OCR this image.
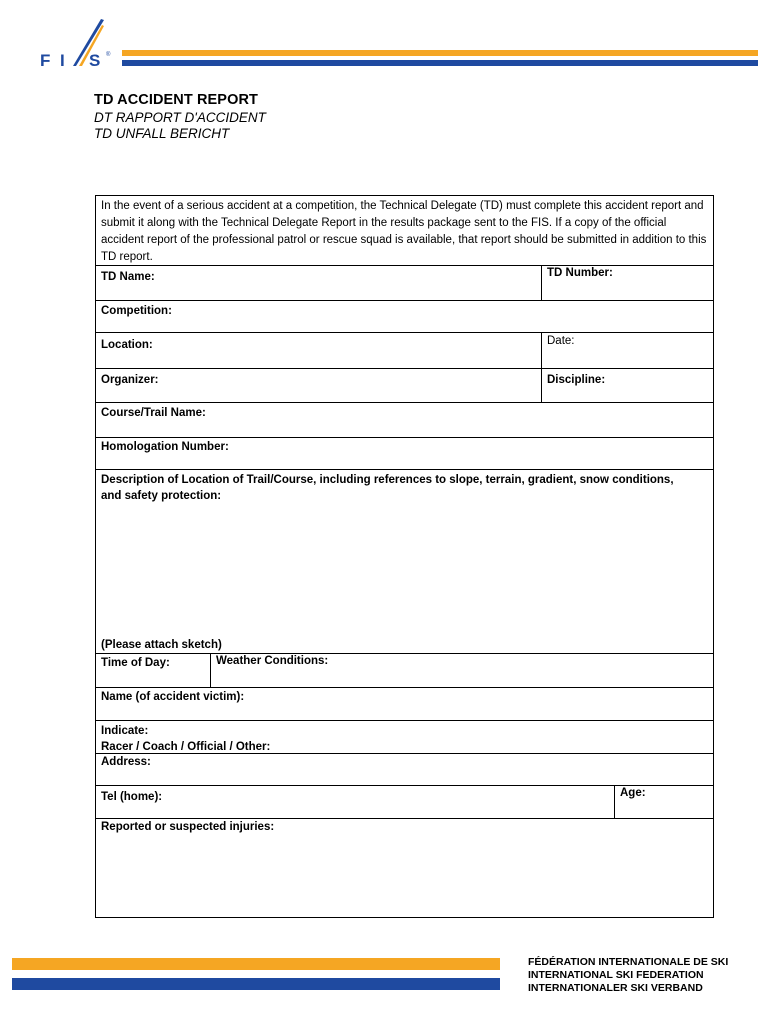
F I S ®
TD ACCIDENT REPORT
DT RAPPORT D'ACCIDENT
TD UNFALL BERICHT
In the event of a serious accident at a competition, the Technical Delegate (TD) must complete this accident report and submit it along with the Technical Delegate Report in the results package sent to the FIS. If a copy of the official accident report of the professional patrol or rescue squad is available, that report should be submitted in addition to this TD report.
TD Name:	TD Number:
Competition:
Location:	Date:
Organizer:	Discipline:
Course/Trail Name:
Homologation Number:
Description of Location of Trail/Course, including references to slope, terrain, gradient, snow conditions, and safety protection:
(Please attach sketch)
Time of Day:	Weather Conditions:
Name (of accident victim):
Indicate:
Racer / Coach / Official / Other:
Address:
Tel (home):	Age:
Reported or suspected injuries:
FÉDÉRATION INTERNATIONALE DE SKI
INTERNATIONAL SKI FEDERATION
INTERNATIONALER SKI VERBAND
